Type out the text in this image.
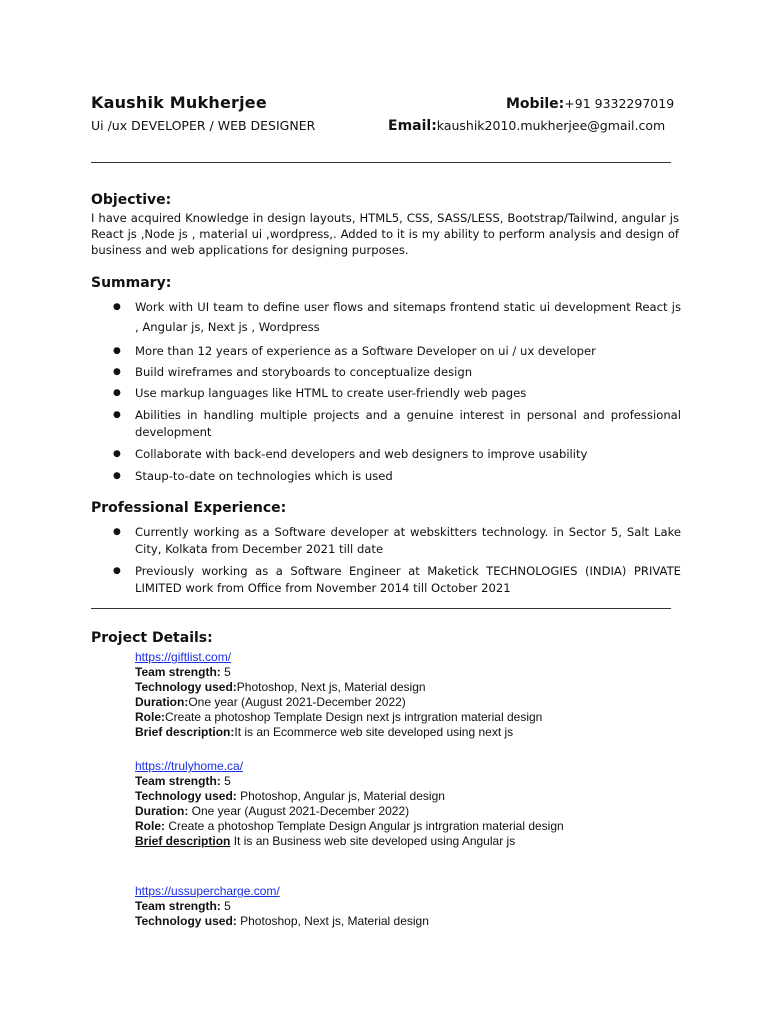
Kaushik Mukherjee
Ui /ux DEVELOPER / WEB DESIGNER
Mobile:+91 9332297019
Email:kaushik2010.mukherjee@gmail.com
Objective:
I have acquired Knowledge in design layouts, HTML5, CSS, SASS/LESS, Bootstrap/Tailwind, angular js React js ,Node js , material ui ,wordpress,. Added to it is my ability to perform analysis and design of business and web applications for designing purposes.
Summary:
● Work with UI team to define user flows and sitemaps frontend static ui development React js , Angular js, Next js , Wordpress
● More than 12 years of experience as a Software Developer on ui / ux developer
● Build wireframes and storyboards to conceptualize design
● Use markup languages like HTML to create user-friendly web pages
● Abilities in handling multiple projects and a genuine interest in personal and professional development
● Collaborate with back-end developers and web designers to improve usability
● Staup-to-date on technologies which is used
Professional Experience:
● Currently working as a Software developer at webskitters technology. in Sector 5, Salt Lake City, Kolkata from December 2021 till date
● Previously working as a Software Engineer at Maketick TECHNOLOGIES (INDIA) PRIVATE LIMITED work from Office from November 2014 till October 2021
Project Details:
https://giftlist.com/
Team strength: 5
Technology used:Photoshop, Next js, Material design
Duration:One year (August 2021-December 2022)
Role:Create a photoshop Template Design next js intrgration material design
Brief description:It is an Ecommerce web site developed using next js
https://trulyhome.ca/
Team strength: 5
Technology used: Photoshop, Angular js, Material design
Duration: One year (August 2021-December 2022)
Role: Create a photoshop Template Design Angular js intrgration material design
Brief description It is an Business web site developed using Angular js
https://ussupercharge.com/
Team strength: 5
Technology used: Photoshop, Next js, Material design
